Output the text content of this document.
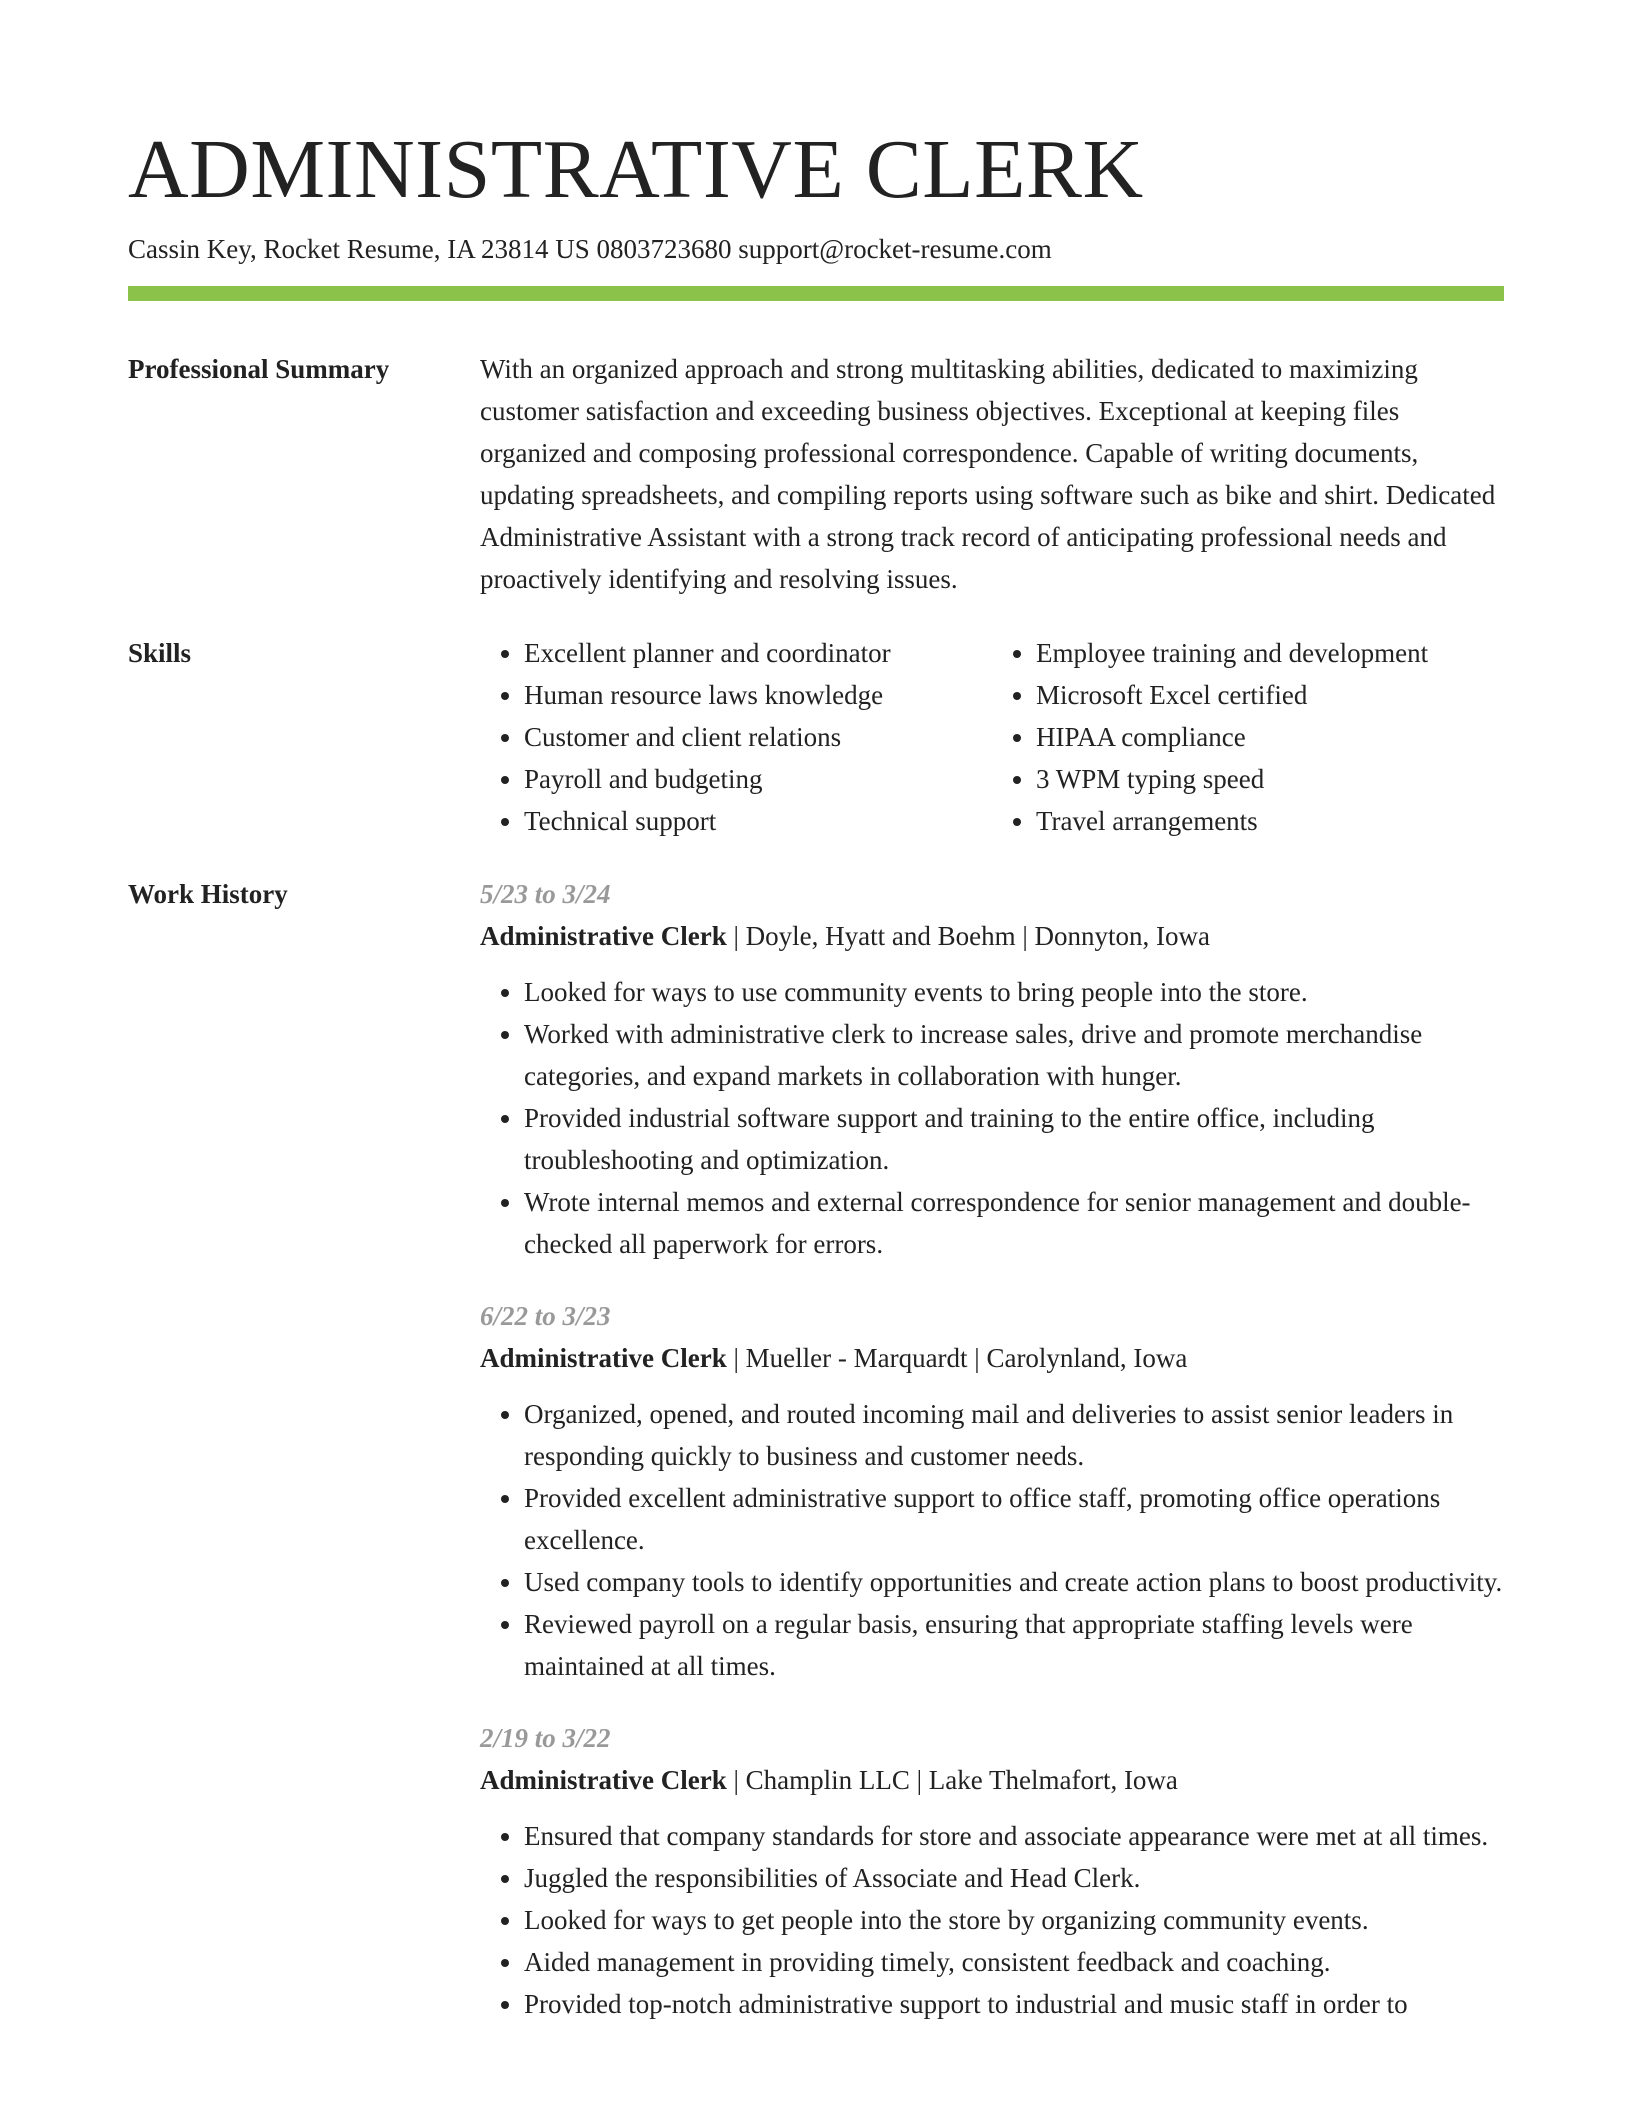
ADMINISTRATIVE CLERK
Cassin Key, Rocket Resume, IA 23814 US 0803723680 support@rocket-resume.com
Professional Summary	With an organized approach and strong multitasking abilities, dedicated to maximizing customer satisfaction and exceeding business objectives. Exceptional at keeping files organized and composing professional correspondence. Capable of writing documents, updating spreadsheets, and compiling reports using software such as bike and shirt. Dedicated Administrative Assistant with a strong track record of anticipating professional needs and proactively identifying and resolving issues.

Skills
•	Excellent planner and coordinator
• Human resource laws knowledge
• Customer and client relations
• Payroll and budgeting
• Technical support
• Employee training and development
• Microsoft Excel certified
• HIPAA compliance
• 3 WPM typing speed
• Travel arrangements
Work History	5/23 to 3/24
Administrative Clerk | Doyle, Hyatt and Boehm | Donnyton, Iowa
• Looked for ways to use community events to bring people into the store.
• Worked with administrative clerk to increase sales, drive and promote merchandise categories, and expand markets in collaboration with hunger.
• Provided industrial software support and training to the entire office, including troubleshooting and optimization.
• Wrote internal memos and external correspondence for senior management and double-checked all paperwork for errors.
6/22 to 3/23
Administrative Clerk | Mueller - Marquardt | Carolynland, Iowa
• Organized, opened, and routed incoming mail and deliveries to assist senior leaders in responding quickly to business and customer needs.
• Provided excellent administrative support to office staff, promoting office operations excellence.
• Used company tools to identify opportunities and create action plans to boost productivity.
• Reviewed payroll on a regular basis, ensuring that appropriate staffing levels were maintained at all times.
2/19 to 3/22
Administrative Clerk | Champlin LLC | Lake Thelmafort, Iowa
• Ensured that company standards for store and associate appearance were met at all times.
• Juggled the responsibilities of Associate and Head Clerk.
• Looked for ways to get people into the store by organizing community events.
• Aided management in providing timely, consistent feedback and coaching.
• Provided top-notch administrative support to industrial and music staff in order to
